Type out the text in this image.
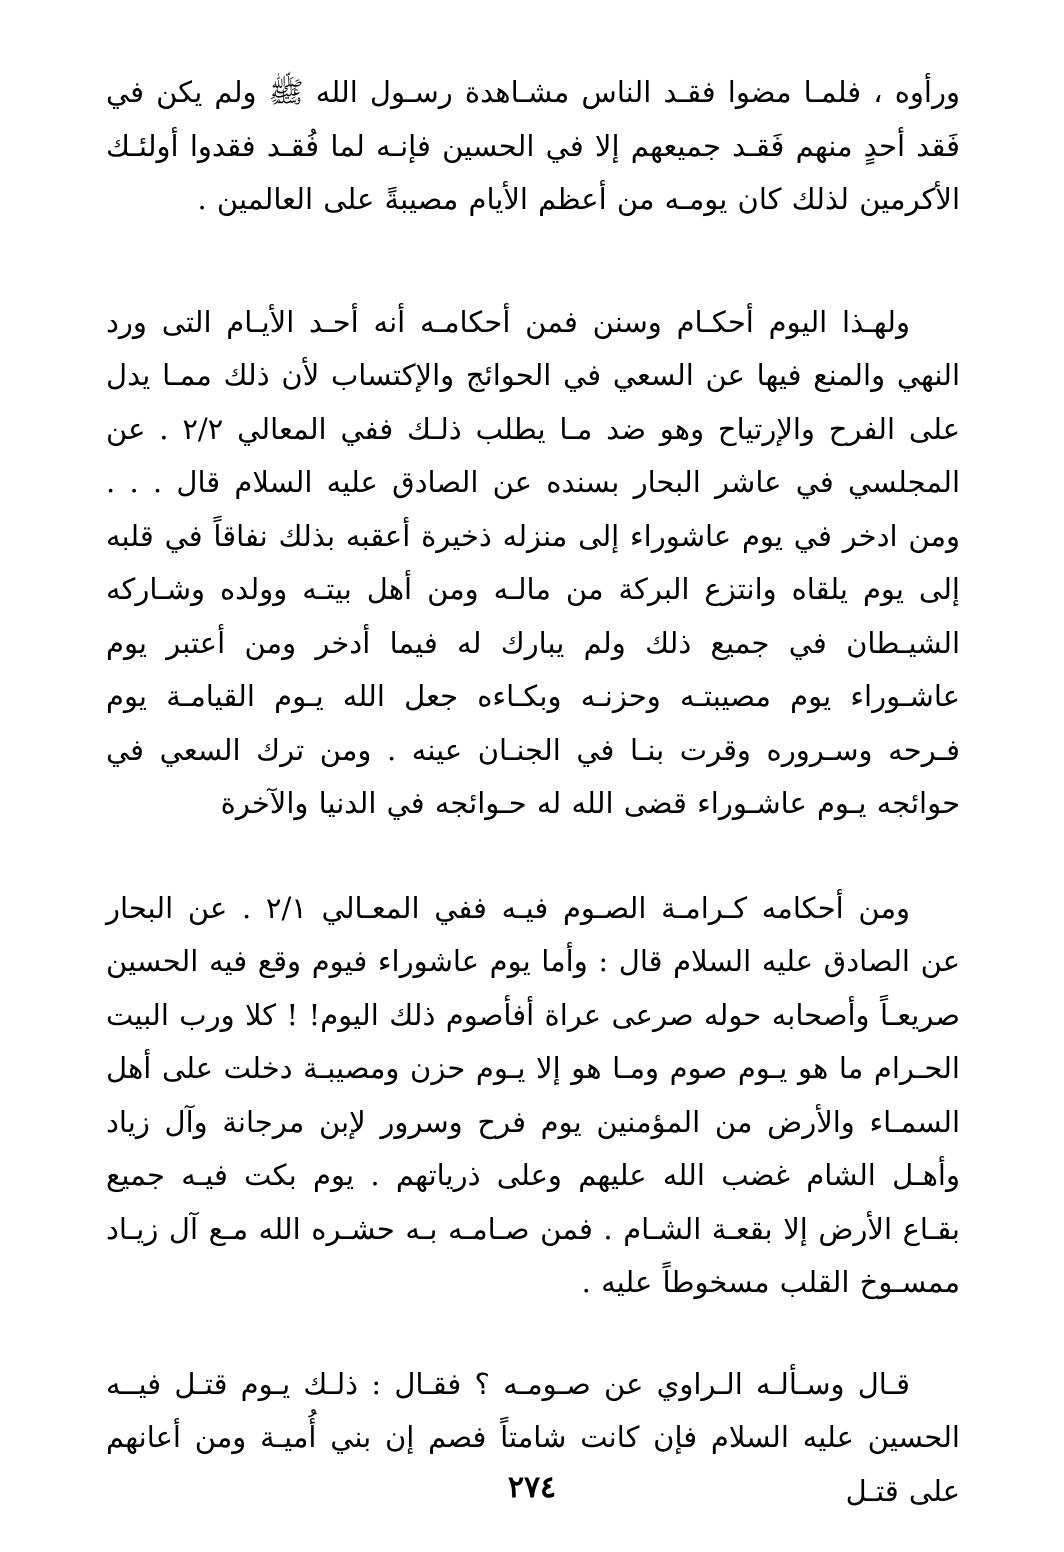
ورأوه ، فلمـا مضوا فقـد الناس مشـاهدة رسـول الله ﷺ ولم يكن في فَقد أحدٍ منهم فَقـد جميعهم إلا في الحسين فإنـه لما فُقـد فقدوا أولئـك الأكرمين لذلك كان يومـه من أعظم الأيام مصيبةً على العالمين .

ولهـذا اليوم أحكـام وسنن فمن أحكامـه أنه أحـد الأيـام التى ورد النهي والمنع فيها عن السعي في الحوائج والإكتساب لأن ذلك ممـا يدل على الفرح والإرتياح وهو ضد مـا يطلب ذلـك ففي المعالي ٢/٢ . عن المجلسي في عاشر البحار بسنده عن الصادق عليه السلام قال . . . ومن ادخر في يوم عاشوراء إلى منزله ذخيرة أعقبه بذلك نفاقاً في قلبه إلى يوم يلقاه وانتزع البركة من مالـه ومن أهل بيتـه وولده وشـاركه الشيـطان في جميع ذلك ولم يبارك له فيما أدخر ومن أعتبر يوم عاشـوراء يوم مصيبتـه وحزنـه وبكـاءه جعل الله يـوم القيامـة يوم فـرحه وسـروره وقرت بنـا في الجنـان عينه . ومن ترك السعي في حوائجه يـوم عاشـوراء قضى الله له حـوائجه في الدنيا والآخرة

ومن أحكامه كـرامـة الصـوم فيـه ففي المعـالي ٢/١ . عن البحار عن الصادق عليه السلام قال : وأما يوم عاشوراء فيوم وقع فيه الحسين صريعـاً وأصحابه حوله صرعى عراة أفأصوم ذلك اليوم! ! كلا ورب البيت الحـرام ما هو يـوم صوم ومـا هو إلا يـوم حزن ومصيبـة دخلت على أهل السمـاء والأرض من المؤمنين يوم فرح وسرور لإبن مرجانة وآل زياد وأهـل الشام غضب الله عليهم وعلى ذرياتهم . يوم بكت فيـه جميع بقـاع الأرض إلا بقعـة الشـام . فمن صـامـه بـه حشـره الله مـع آل زيـاد ممسـوخ القلب مسخوطاً عليه .

قـال وسـألـه الـراوي عن صـومـه ؟ فقـال : ذلـك يـوم قتـل فيــه الحسين عليه السلام فإن كانت شامتاً فصم إن بني أُميـة ومن أعانهم على قتـل

٢٧٤
